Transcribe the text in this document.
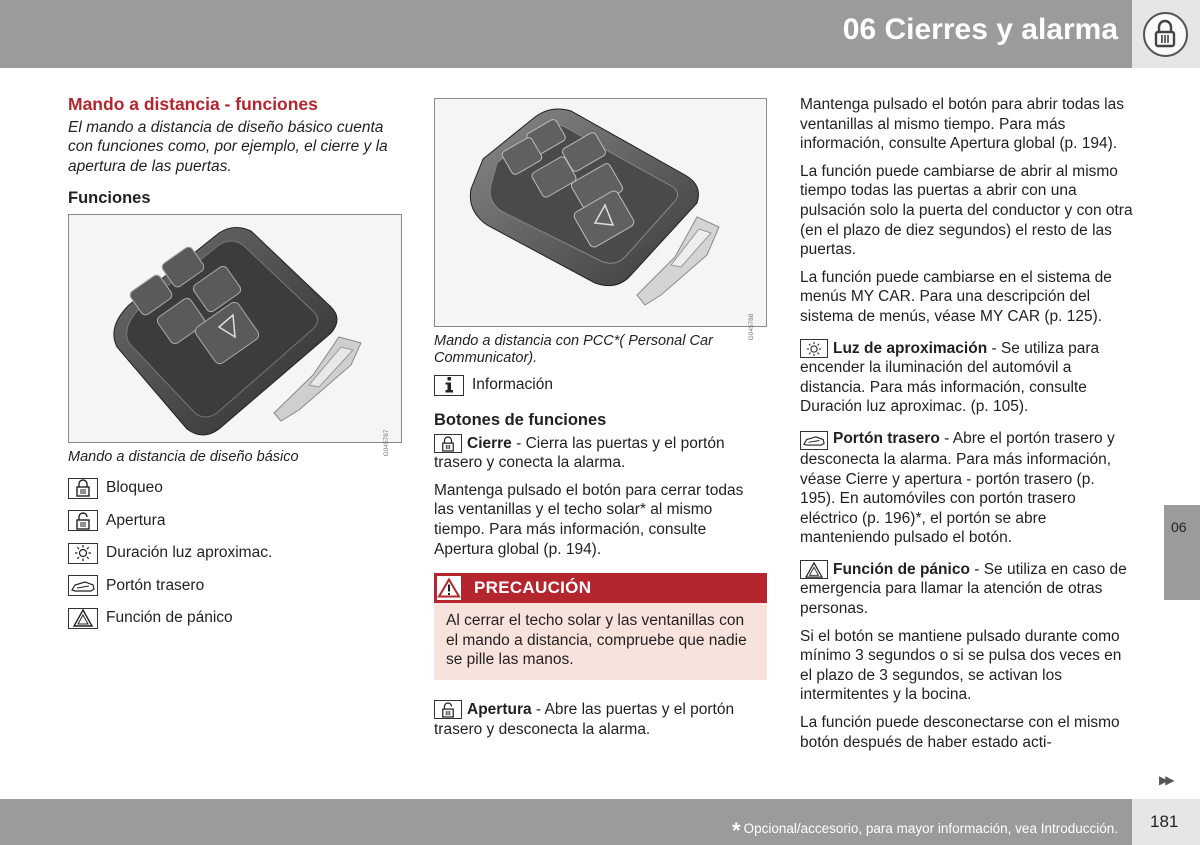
06 Cierres y alarma
Mando a distancia - funciones
El mando a distancia de diseño básico cuenta con funciones como, por ejemplo, el cierre y la apertura de las puertas.
Funciones
G045787
Mando a distancia de diseño básico
Bloqueo
Apertura
Duración luz aproximac.
Portón trasero
Función de pánico
G045788
Mando a distancia con PCC*( Personal Car Communicator).
Información
Botones de funciones

Cierre - Cierra las puertas y el portón trasero y conecta la alarma.

Mantenga pulsado el botón para cerrar todas las ventanillas y el techo solar* al mismo tiempo. Para más información, consulte Apertura global (p. 194).

PRECAUCIÓN
Al cerrar el techo solar y las ventanillas con el mando a distancia, compruebe que nadie se pille las manos.

Apertura - Abre las puertas y el portón trasero y desconecta la alarma.

Mantenga pulsado el botón para abrir todas las ventanillas al mismo tiempo. Para más información, consulte Apertura global (p. 194).

La función puede cambiarse de abrir al mismo tiempo todas las puertas a abrir con una pulsación solo la puerta del conductor y con otra (en el plazo de diez segundos) el resto de las puertas.

La función puede cambiarse en el sistema de menús MY CAR. Para una descripción del sistema de menús, véase MY CAR (p. 125).

Luz de aproximación - Se utiliza para encender la iluminación del automóvil a distancia. Para más información, consulte Duración luz aproximac. (p. 105).

Portón trasero - Abre el portón trasero y desconecta la alarma. Para más información, véase Cierre y apertura - portón trasero (p. 195). En automóviles con portón trasero eléctrico (p. 196)*, el portón se abre manteniendo pulsado el botón.

Función de pánico - Se utiliza en caso de emergencia para llamar la atención de otras personas.

Si el botón se mantiene pulsado durante como mínimo 3 segundos o si se pulsa dos veces en el plazo de 3 segundos, se activan los intermitentes y la bocina.

La función puede desconectarse con el mismo botón después de haber estado acti-

06
▶▶
* Opcional/accesorio, para mayor información, vea Introducción. 181
